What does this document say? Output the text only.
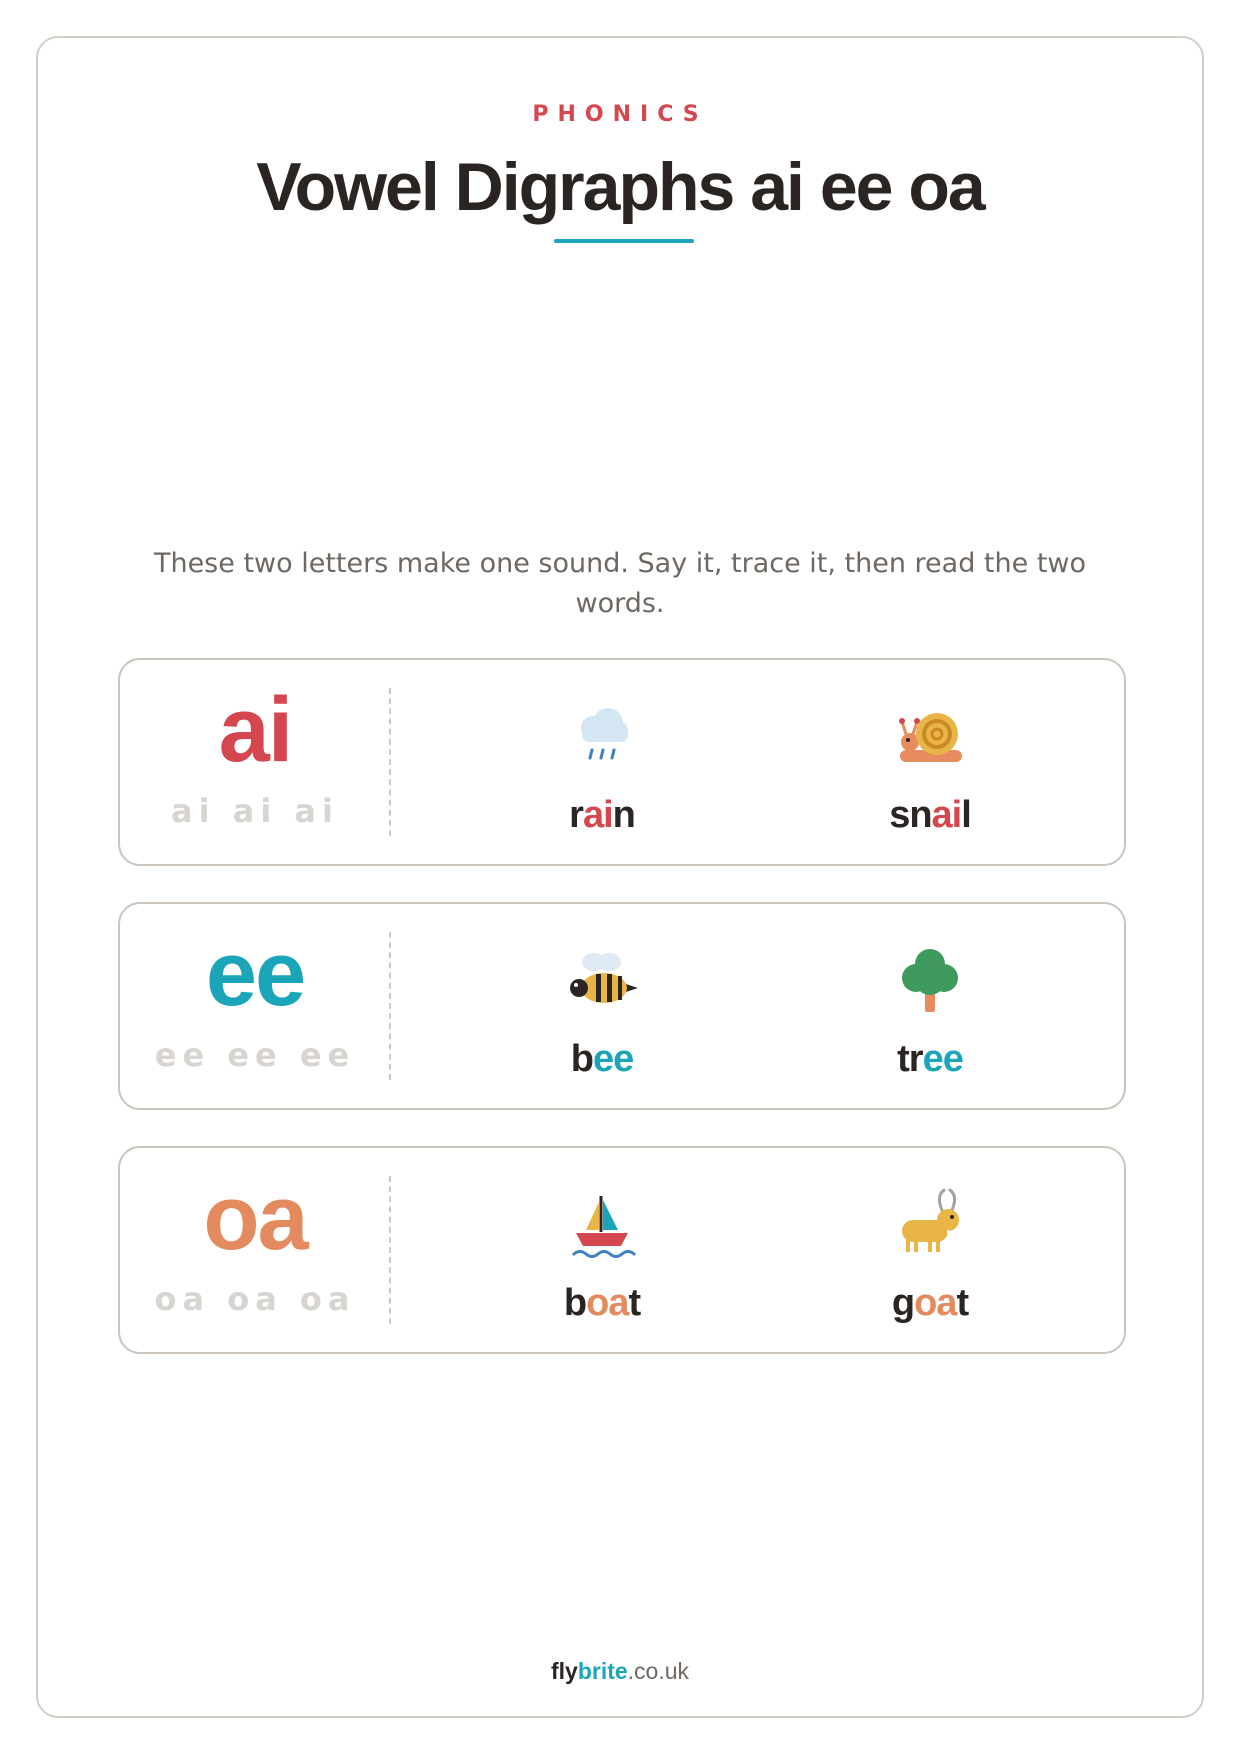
PHONICS
Vowel Digraphs ai ee oa
These two letters make one sound. Say it, trace it, then read the two words.
ai
ai ai ai	rain	snail
ee
ee ee ee	bee	tree
oa
oa oa oa	boat	goat
flybrite.co.uk
